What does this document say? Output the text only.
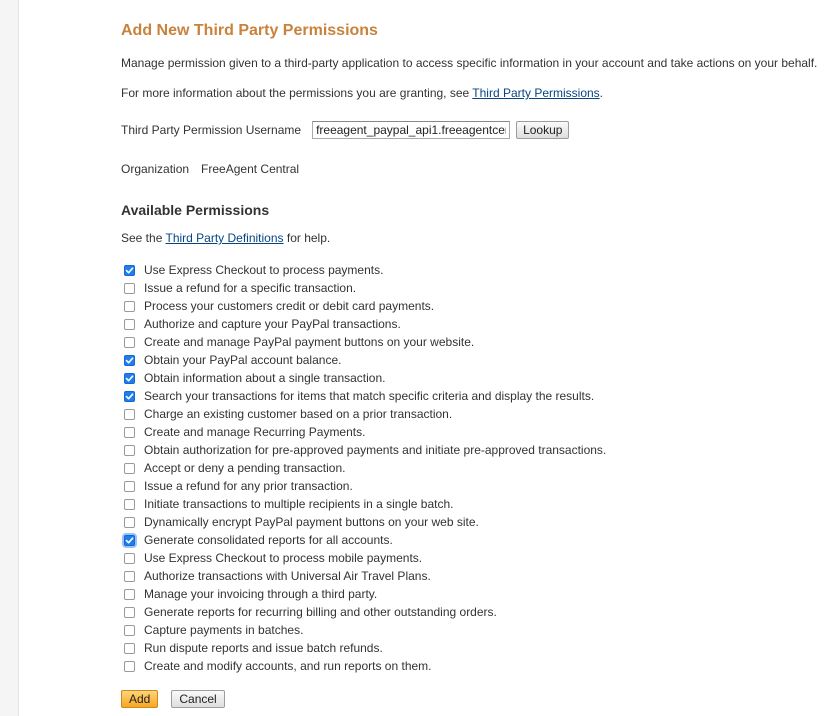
Add New Third Party Permissions
Manage permission given to a third-party application to access specific information in your account and take actions on your behalf.
For more information about the permissions you are granting, see Third Party Permissions.
Third Party Permission Username
freeagent_paypal_api1.freeagentcentral.com	Lookup
Organization FreeAgent Central
Available Permissions
See the Third Party Definitions for help.
Use Express Checkout to process payments.
Issue a refund for a specific transaction.
Process your customers credit or debit card payments.
Authorize and capture your PayPal transactions.
Create and manage PayPal payment buttons on your website.
Obtain your PayPal account balance.
Obtain information about a single transaction.
Search your transactions for items that match specific criteria and display the results.
Charge an existing customer based on a prior transaction.
Create and manage Recurring Payments.
Obtain authorization for pre-approved payments and initiate pre-approved transactions.
Accept or deny a pending transaction.
Issue a refund for any prior transaction.
Initiate transactions to multiple recipients in a single batch.
Dynamically encrypt PayPal payment buttons on your web site.
Generate consolidated reports for all accounts.
Use Express Checkout to process mobile payments.
Authorize transactions with Universal Air Travel Plans.
Manage your invoicing through a third party.
Generate reports for recurring billing and other outstanding orders.
Capture payments in batches.
Run dispute reports and issue batch refunds.
Create and modify accounts, and run reports on them.
Add	Cancel
